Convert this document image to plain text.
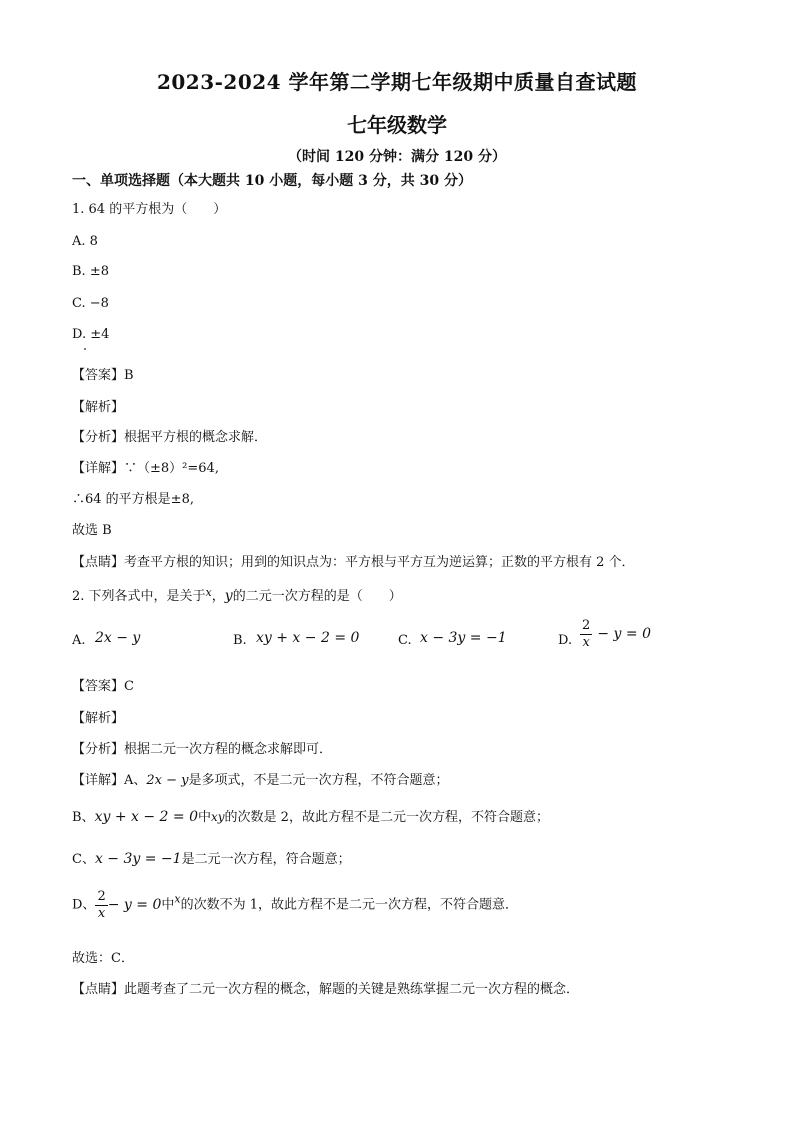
2023-2024 学年第二学期七年级期中质量自查试题
七年级数学
（时间 120 分钟：满分 120 分）
一、单项选择题（本大题共 10 小题，每小题 3 分，共 30 分）
1. 64 的平方根为（　　）
A. 8
B. ±8
C. −8
D. ±4
【答案】B
【解析】
【分析】根据平方根的概念求解．
【详解】∵（±8）²=64,
∴64 的平方根是±8,
故选 B
【点睛】考查平方根的知识；用到的知识点为：平方根与平方互为逆运算；正数的平方根有 2 个．
2. 下列各式中，是关于$^x$，y的二元一次方程的是（　　）
A. 2x − y	B. xy + x − 2 = 0	C. x − 3y = −1	D. $\frac{2}{x} - y = 0$
【答案】C
【解析】
【分析】根据二元一次方程的概念求解即可．
【详解】A、2x − y是多项式，不是二元一次方程，不符合题意；
B、xy + x − 2 = 0中xy的次数是 2，故此方程不是二元一次方程，不符合题意；
C、x − 3y = −1是二元一次方程，符合题意；
D、 $\frac{2}{x} - y = 0$中$^x$的次数不为 1，故此方程不是二元一次方程，不符合题意．
故选：C．
【点睛】此题考查了二元一次方程的概念，解题的关键是熟练掌握二元一次方程的概念．
